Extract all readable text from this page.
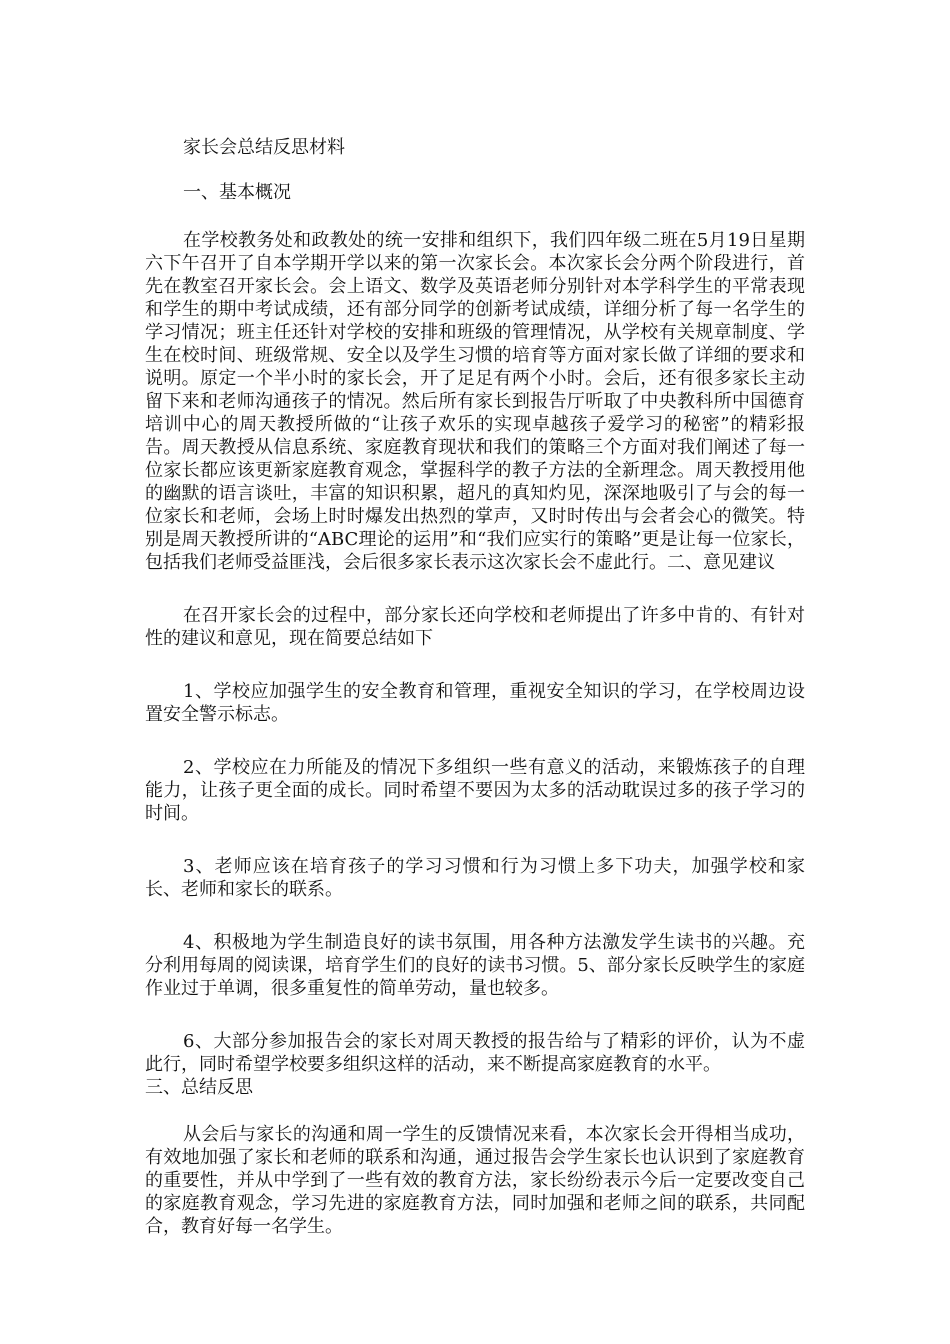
家长会总结反思材料

一、基本概况

在学校教务处和政教处的统一安排和组织下，我们四年级二班在5月19日星期六下午召开了自本学期开学以来的第一次家长会。本次家长会分两个阶段进行，首先在教室召开家长会。会上语文、数学及英语老师分别针对本学科学生的平常表现和学生的期中考试成绩，还有部分同学的创新考试成绩，详细分析了每一名学生的学习情况；班主任还针对学校的安排和班级的管理情况，从学校有关规章制度、学生在校时间、班级常规、安全以及学生习惯的培育等方面对家长做了详细的要求和说明。原定一个半小时的家长会，开了足足有两个小时。会后，还有很多家长主动留下来和老师沟通孩子的情况。然后所有家长到报告厅听取了中央教科所中国德育培训中心的周天教授所做的“让孩子欢乐的实现卓越孩子爱学习的秘密”的精彩报告。周天教授从信息系统、家庭教育现状和我们的策略三个方面对我们阐述了每一位家长都应该更新家庭教育观念，掌握科学的教子方法的全新理念。周天教授用他的幽默的语言谈吐，丰富的知识积累，超凡的真知灼见，深深地吸引了与会的每一位家长和老师，会场上时时爆发出热烈的掌声，又时时传出与会者会心的微笑。特别是周天教授所讲的“ABC理论的运用”和“我们应实行的策略”更是让每一位家长，包括我们老师受益匪浅，会后很多家长表示这次家长会不虚此行。二、意见建议

在召开家长会的过程中，部分家长还向学校和老师提出了许多中肯的、有针对性的建议和意见，现在简要总结如下

1、学校应加强学生的安全教育和管理，重视安全知识的学习，在学校周边设置安全警示标志。

2、学校应在力所能及的情况下多组织一些有意义的活动，来锻炼孩子的自理能力，让孩子更全面的成长。同时希望不要因为太多的活动耽误过多的孩子学习的时间。

3、老师应该在培育孩子的学习习惯和行为习惯上多下功夫，加强学校和家长、老师和家长的联系。

4、积极地为学生制造良好的读书氛围，用各种方法激发学生读书的兴趣。充分利用每周的阅读课，培育学生们的良好的读书习惯。5、部分家长反映学生的家庭作业过于单调，很多重复性的简单劳动，量也较多。

6、大部分参加报告会的家长对周天教授的报告给与了精彩的评价，认为不虚此行，同时希望学校要多组织这样的活动，来不断提高家庭教育的水平。

三、总结反思

从会后与家长的沟通和周一学生的反馈情况来看，本次家长会开得相当成功，有效地加强了家长和老师的联系和沟通，通过报告会学生家长也认识到了家庭教育的重要性，并从中学到了一些有效的教育方法，家长纷纷表示今后一定要改变自己的家庭教育观念，学习先进的家庭教育方法，同时加强和老师之间的联系，共同配合，教育好每一名学生。
